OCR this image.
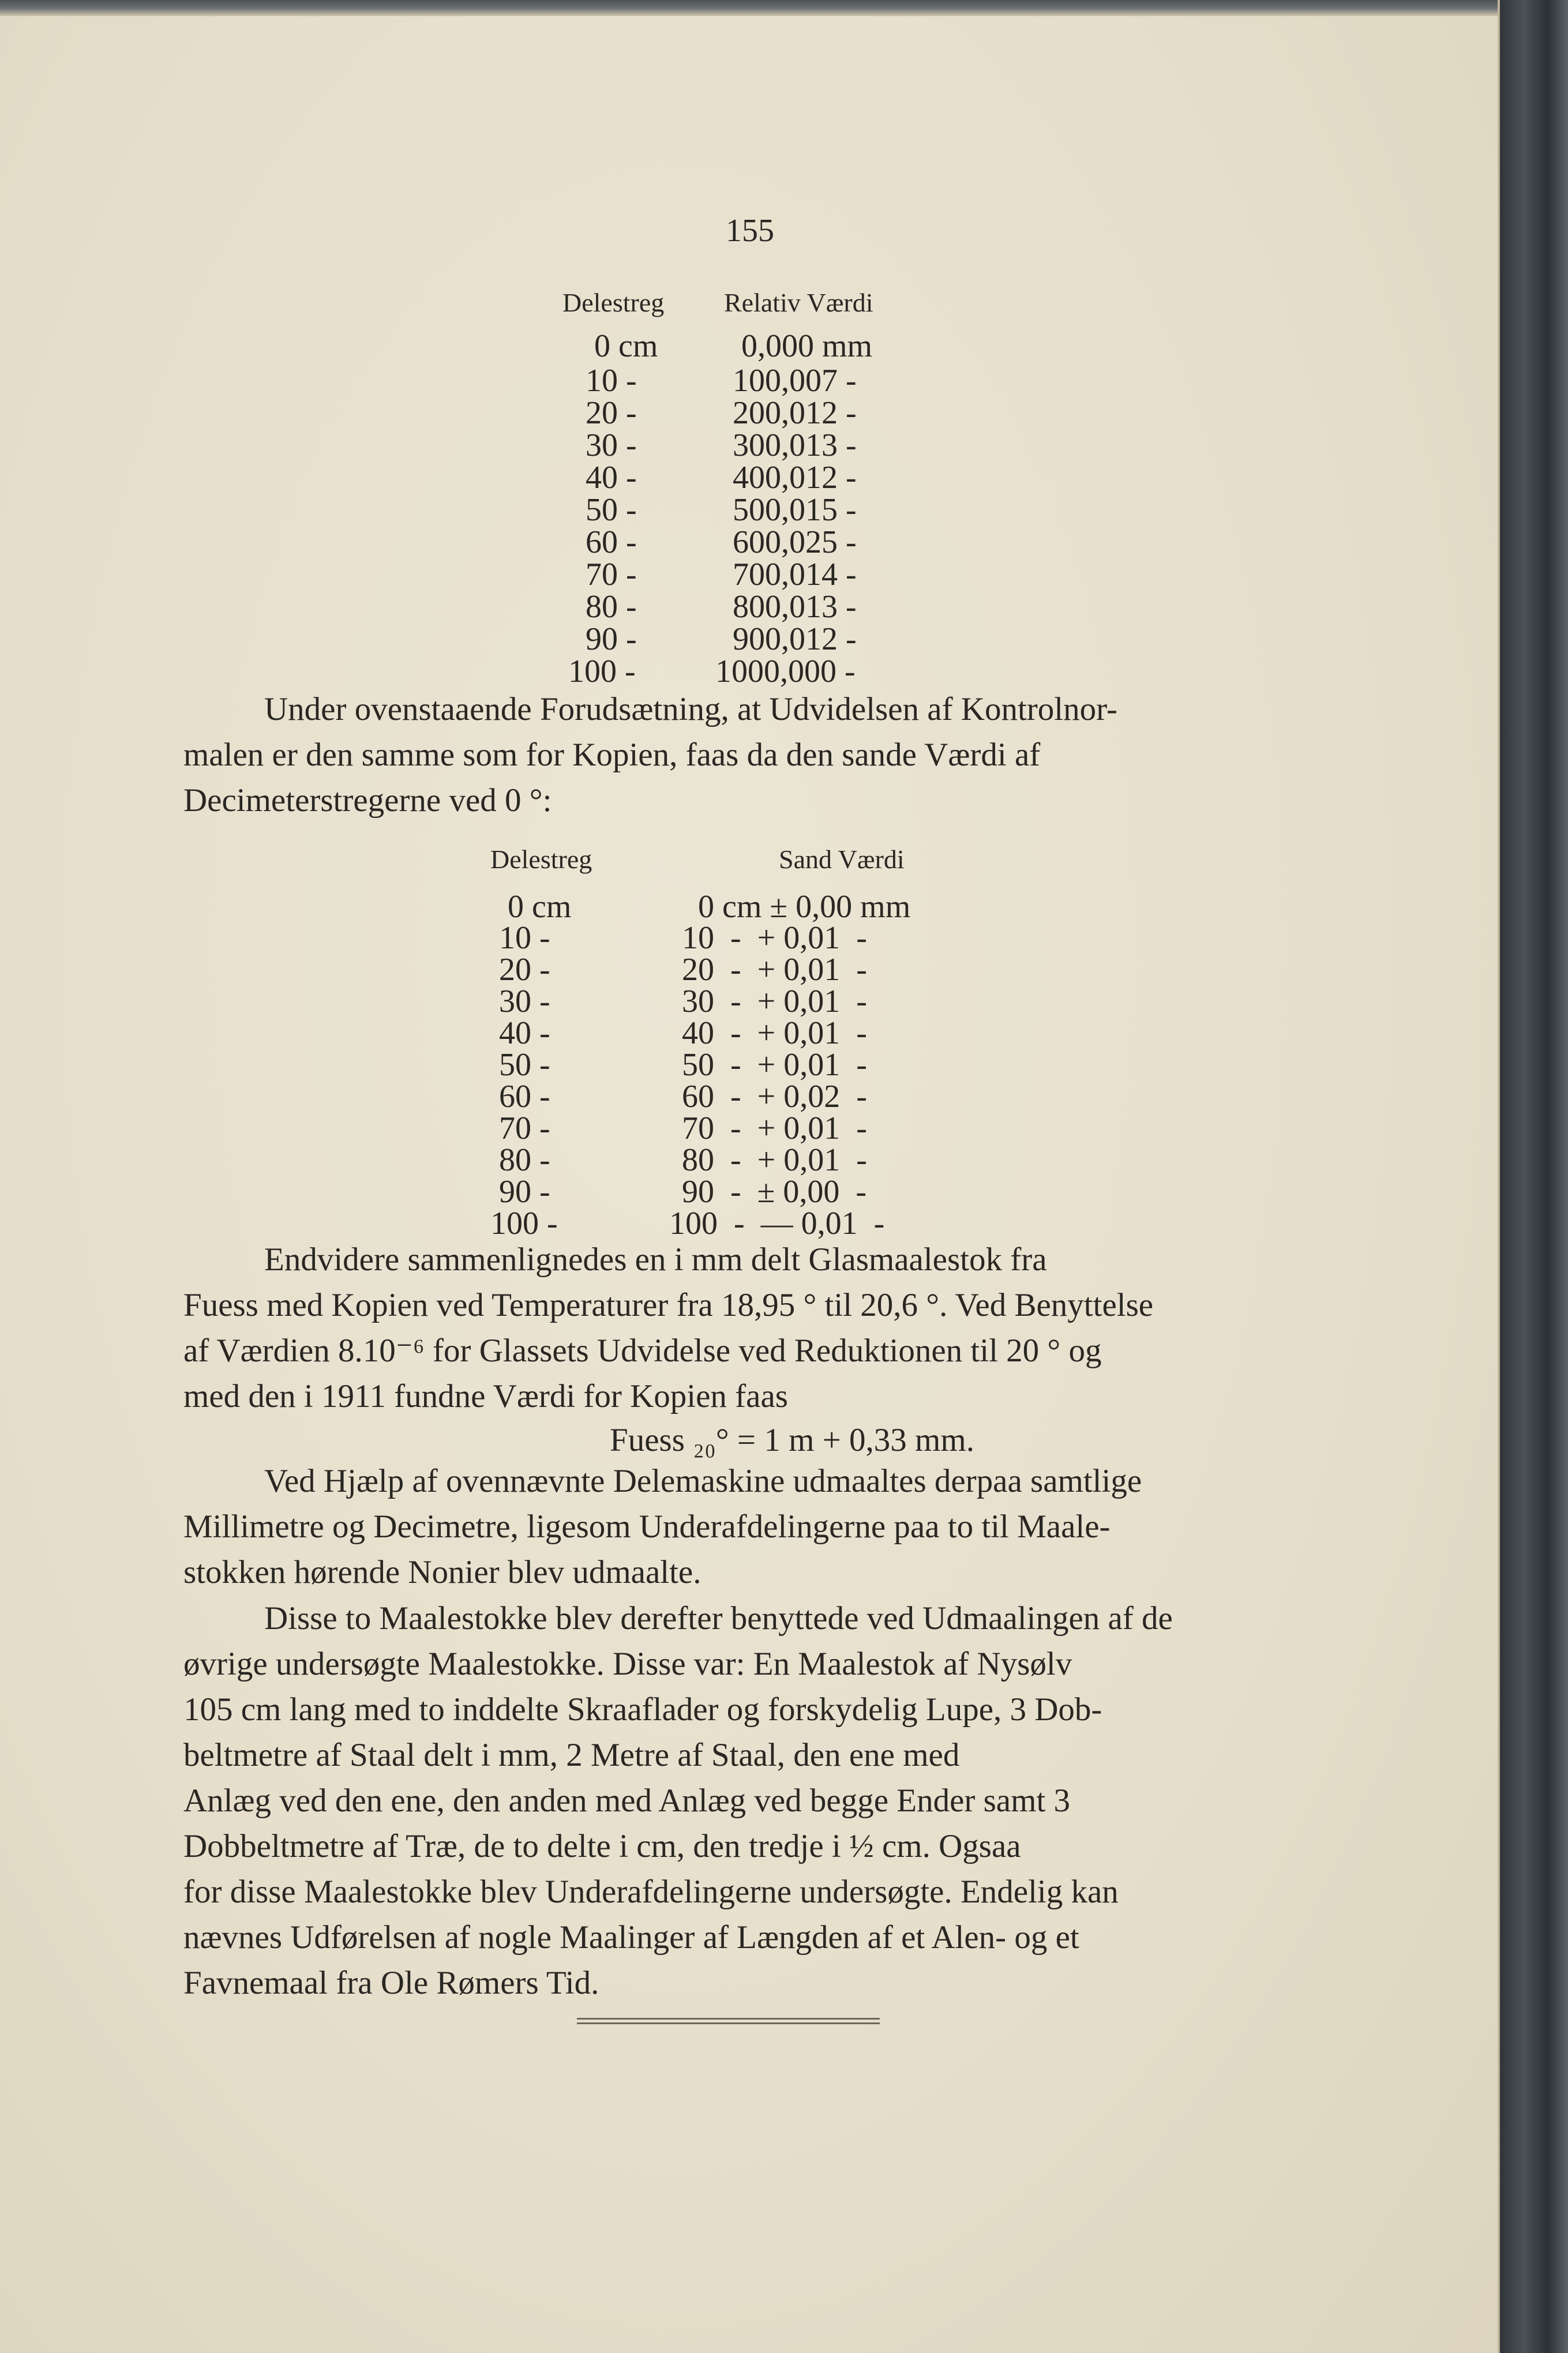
155
Delestreg Relativ Værdi
0 cm	0,000 mm
10 -	100,007 -
20 -	200,012 -
30 -	300,013 -
40 -	400,012 -
50 -	500,015 -
60 -	600,025 -
70 -	700,014 -
80 -	800,013 -
90 -	900,012 -
100 - 1000,000 -
Under ovenstaaende Forudsætning, at Udvidelsen af Kontrolnor-
malen er den samme som for Kopien, faas da den sande Værdi af
Decimeterstregerne ved 0 °:
Delestreg	Sand Værdi
0 cm	0 cm ± 0,00 mm
10 -	10  -  + 0,01  -
20 -	20  -  + 0,01  -
30 -	30  -  + 0,01  -
40 -	40  -  + 0,01  -
50 -	50  -  + 0,01  -
60 -	60  -  + 0,02  -
70 -	70  -  + 0,01  -
80 -	80  -  + 0,01  -
90 -	90  -  ± 0,00  -
100 -	100  -  — 0,01  -
Endvidere sammenlignedes en i mm delt Glasmaalestok fra
Fuess med Kopien ved Temperaturer fra 18,95 ° til 20,6 °. Ved Benyttelse
af Værdien 8.10⁻⁶ for Glassets Udvidelse ved Reduktionen til 20 ° og
med den i 1911 fundne Værdi for Kopien faas
Fuess ₂₀° = 1 m + 0,33 mm.
Ved Hjælp af ovennævnte Delemaskine udmaaltes derpaa samtlige
Millimetre og Decimetre, ligesom Underafdelingerne paa to til Maale-
stokken hørende Nonier blev udmaalte.
Disse to Maalestokke blev derefter benyttede ved Udmaalingen af de
øvrige undersøgte Maalestokke. Disse var: En Maalestok af Nysølv
105 cm lang med to inddelte Skraaflader og forskydelig Lupe, 3 Dob-
beltmetre af Staal delt i mm, 2 Metre af Staal, den ene med
Anlæg ved den ene, den anden med Anlæg ved begge Ender samt 3
Dobbeltmetre af Træ, de to delte i cm, den tredje i ½ cm. Ogsaa
for disse Maalestokke blev Underafdelingerne undersøgte. Endelig kan
nævnes Udførelsen af nogle Maalinger af Længden af et Alen- og et
Favnemaal fra Ole Rømers Tid.
